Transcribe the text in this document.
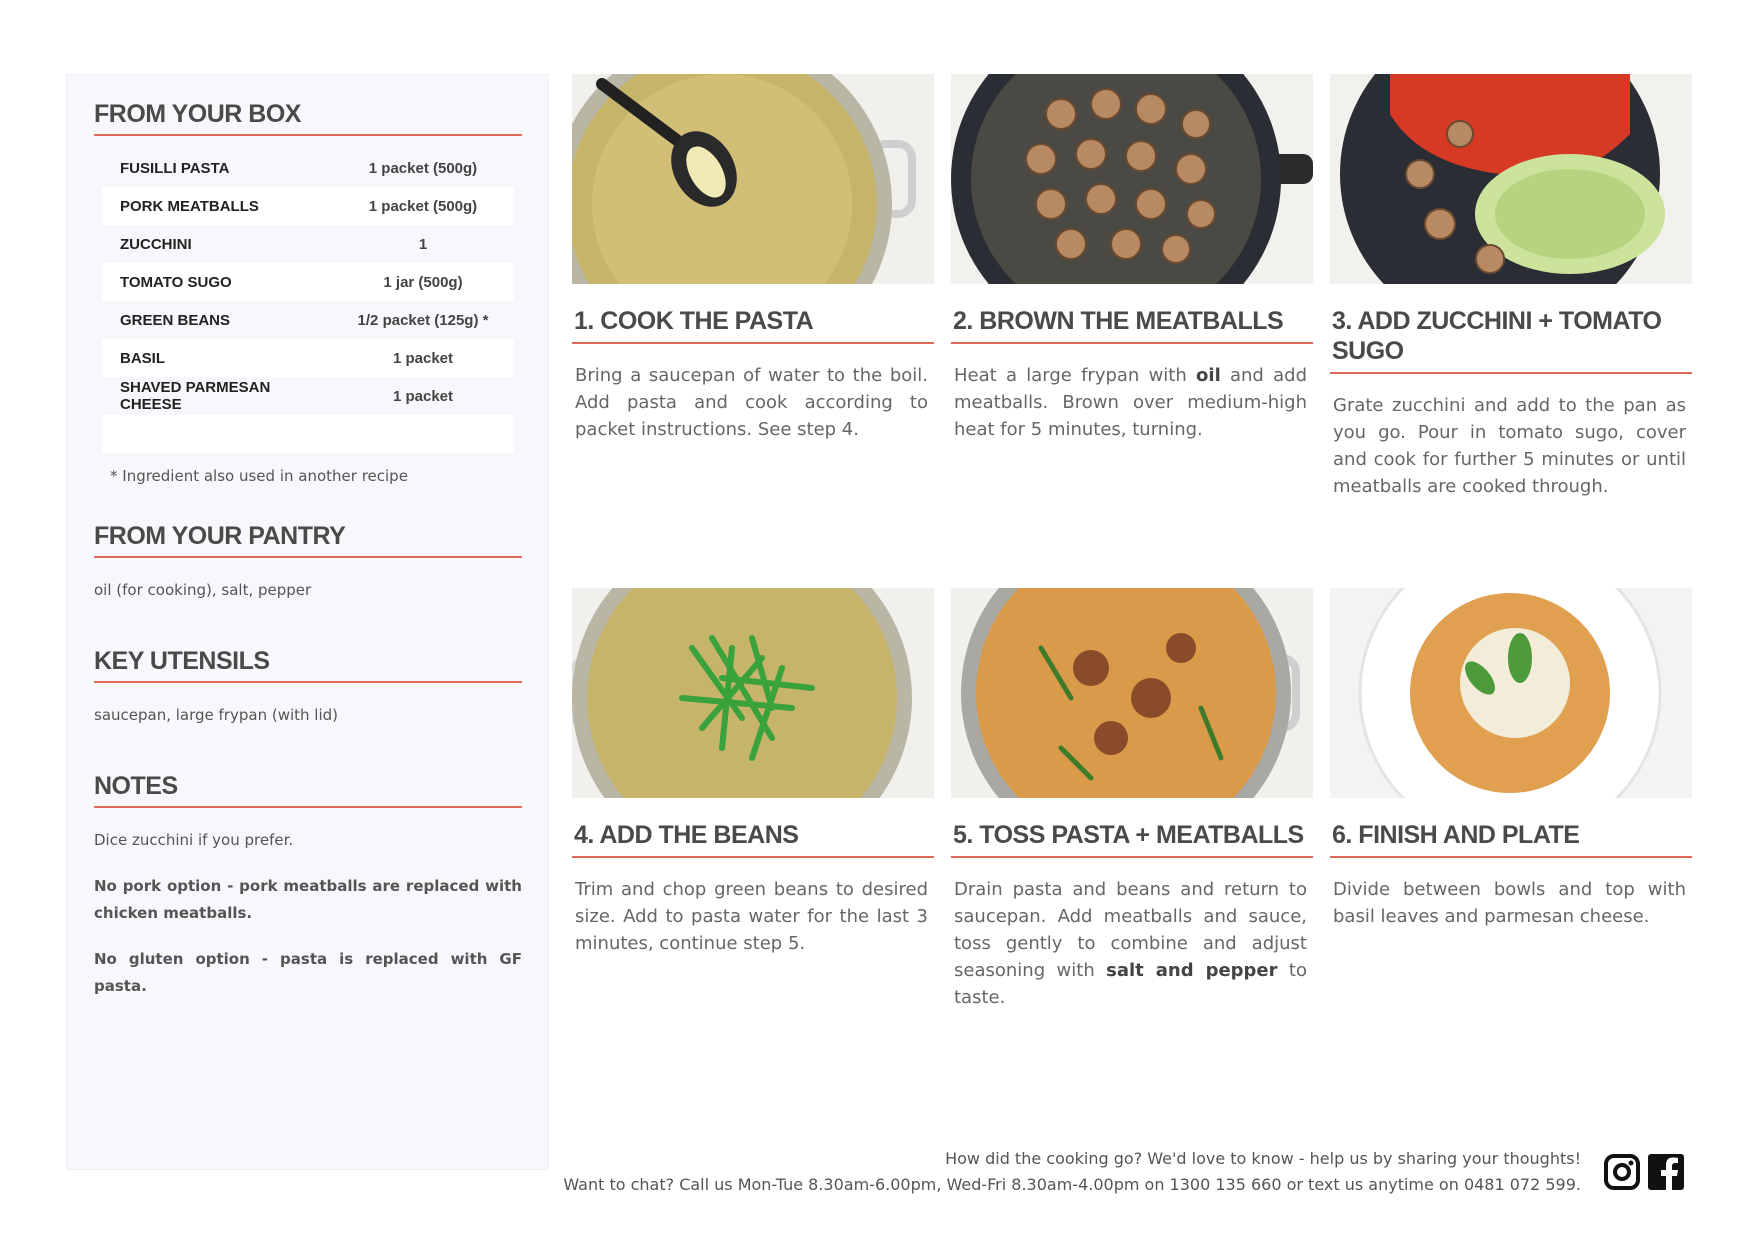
FROM YOUR BOX
FUSILLI PASTA	1 packet (500g)
PORK MEATBALLS	1 packet (500g)
ZUCCHINI	1
TOMATO SUGO	1 jar (500g)
GREEN BEANS	1/2 packet (125g) *
BASIL	1 packet
SHAVED PARMESAN CHEESE	1 packet
* Ingredient also used in another recipe
FROM YOUR PANTRY
oil (for cooking), salt, pepper
KEY UTENSILS
saucepan, large frypan (with lid)
NOTES
Dice zucchini if you prefer.
No pork option - pork meatballs are replaced with chicken meatballs.
No gluten option - pasta is replaced with GF pasta.
1. COOK THE PASTA
Bring a saucepan of water to the boil. Add pasta and cook according to packet instructions. See step 4.
2. BROWN THE MEATBALLS
Heat a large frypan with oil and add meatballs. Brown over medium-high heat for 5 minutes, turning.
3. ADD ZUCCHINI + TOMATO SUGO
Grate zucchini and add to the pan as you go. Pour in tomato sugo, cover and cook for further 5 minutes or until meatballs are cooked through.
4. ADD THE BEANS
Trim and chop green beans to desired size. Add to pasta water for the last 3 minutes, continue step 5.
5. TOSS PASTA + MEATBALLS
Drain pasta and beans and return to saucepan. Add meatballs and sauce, toss gently to combine and adjust seasoning with salt and pepper to taste.
6. FINISH AND PLATE
Divide between bowls and top with basil leaves and parmesan cheese.
How did the cooking go? We'd love to know - help us by sharing your thoughts!
Want to chat? Call us Mon-Tue 8.30am-6.00pm, Wed-Fri 8.30am-4.00pm on 1300 135 660 or text us anytime on 0481 072 599.
